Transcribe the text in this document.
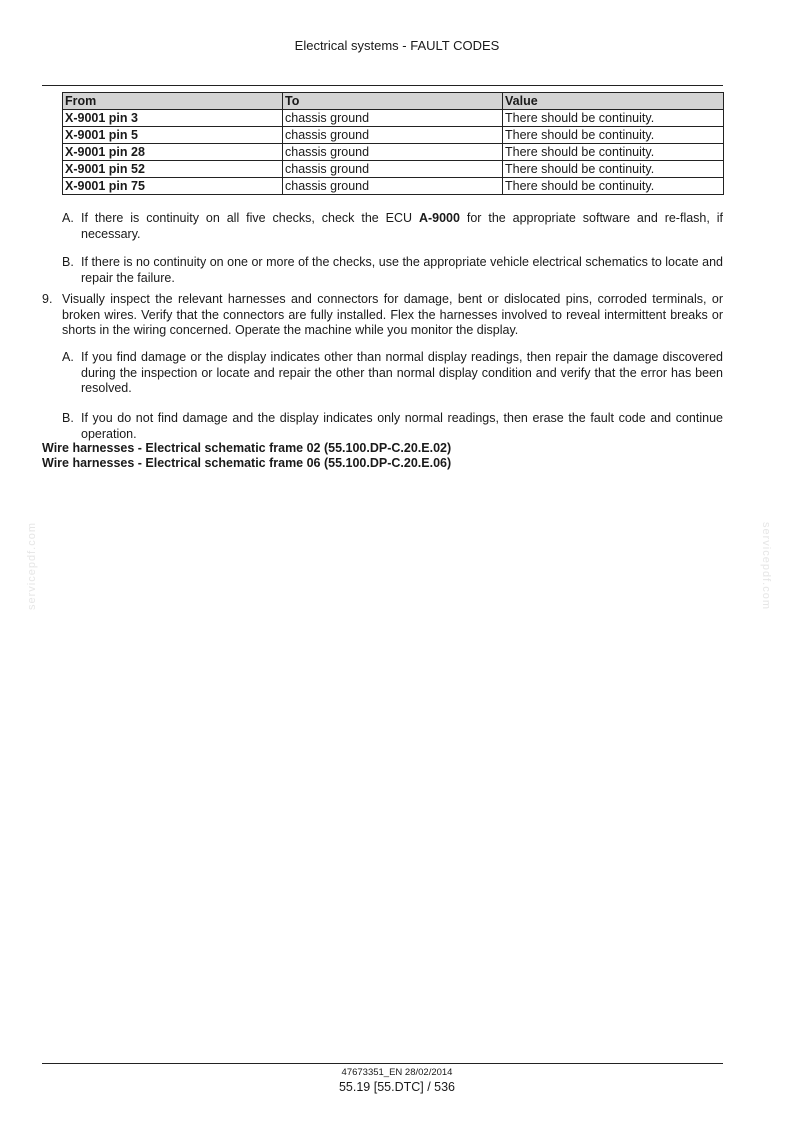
Electrical systems - FAULT CODES
From	To	Value
X-9001 pin 3	chassis ground	There should be continuity.
X-9001 pin 5	chassis ground	There should be continuity.
X-9001 pin 28	chassis ground	There should be continuity.
X-9001 pin 52	chassis ground	There should be continuity.
X-9001 pin 75	chassis ground	There should be continuity.
A. If there is continuity on all five checks, check the ECU A-9000 for the appropriate software and re-flash, if necessary.
B. If there is no continuity on one or more of the checks, use the appropriate vehicle electrical schematics to locate and repair the failure.
9. Visually inspect the relevant harnesses and connectors for damage, bent or dislocated pins, corroded terminals, or broken wires. Verify that the connectors are fully installed. Flex the harnesses involved to reveal intermittent breaks or shorts in the wiring concerned. Operate the machine while you monitor the display.
A. If you find damage or the display indicates other than normal display readings, then repair the damage discovered during the inspection or locate and repair the other than normal display condition and verify that the error has been resolved.
B. If you do not find damage and the display indicates only normal readings, then erase the fault code and continue operation.
Wire harnesses - Electrical schematic frame 02 (55.100.DP-C.20.E.02)
Wire harnesses - Electrical schematic frame 06 (55.100.DP-C.20.E.06)
servicepdf.com	servicepdf.com
47673351_EN 28/02/2014
55.19 [55.DTC] / 536
